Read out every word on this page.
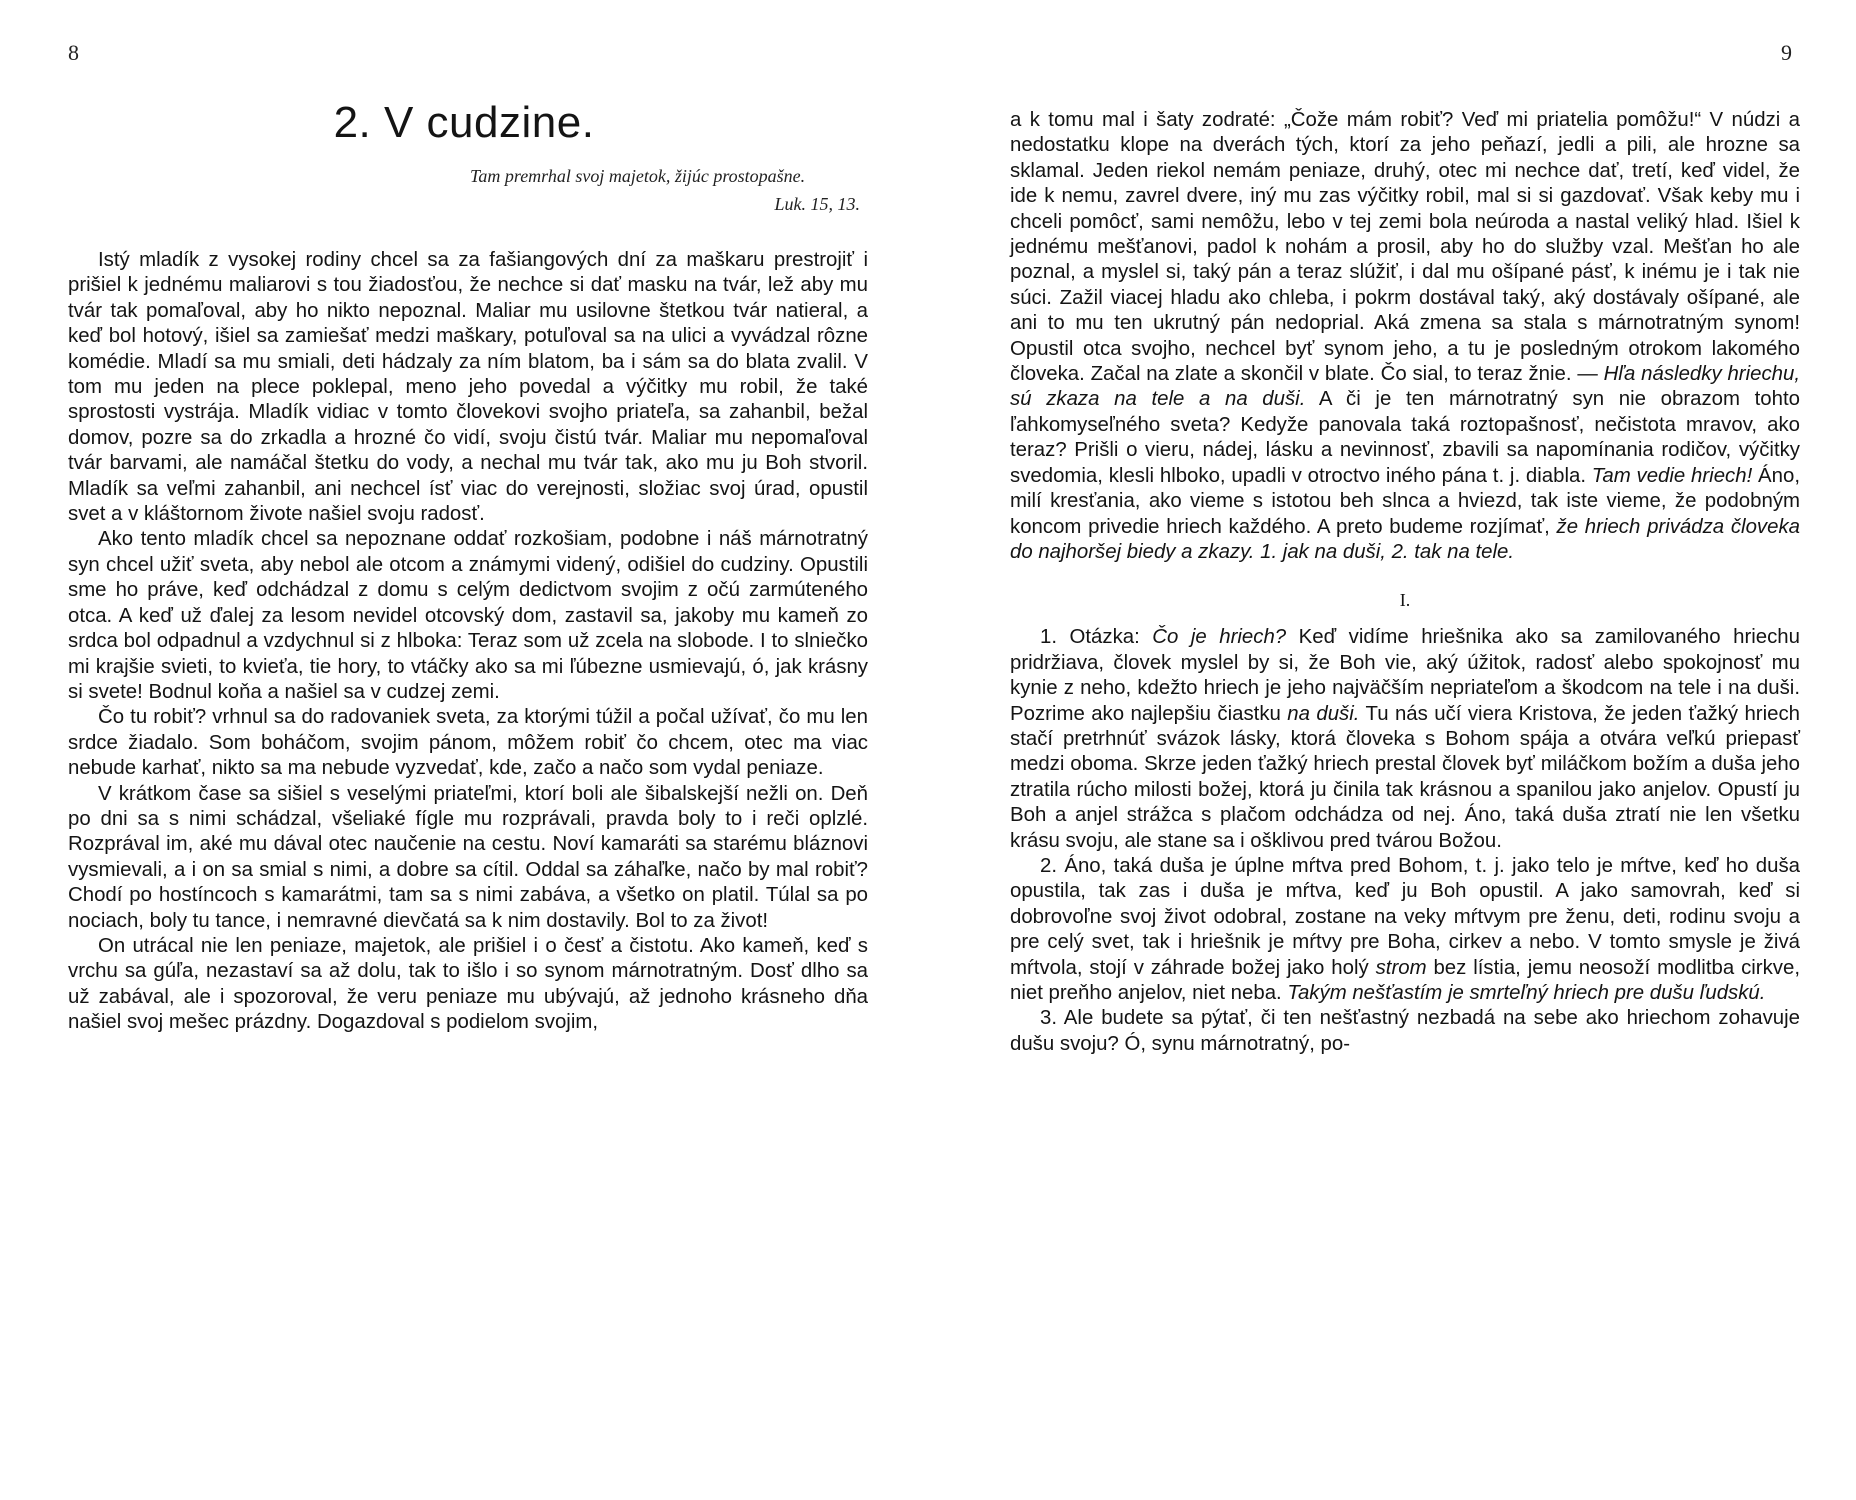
8
2. V cudzine.
Tam premrhal svoj majetok, žijúc prostopašne.
Luk. 15, 13.

Istý mladík z vysokej rodiny chcel sa za fašiangových dní za maškaru prestrojiť i prišiel k jednému maliarovi s tou žiadosťou, že nechce si dať masku na tvár, lež aby mu tvár tak pomaľoval, aby ho nikto nepoznal. Maliar mu usilovne štetkou tvár natieral, a keď bol hotový, išiel sa zamiešať medzi maškary, potuľoval sa na ulici a vyvádzal rôzne komédie. Mladí sa mu smiali, deti hádzaly za ním blatom, ba i sám sa do blata zvalil. V tom mu jeden na plece poklepal, meno jeho povedal a výčitky mu robil, že také sprostosti vystrája. Mladík vidiac v tomto človekovi svojho priateľa, sa zahanbil, bežal domov, pozre sa do zrkadla a hrozné čo vidí, svoju čistú tvár. Maliar mu nepomaľoval tvár barvami, ale namáčal štetku do vody, a nechal mu tvár tak, ako mu ju Boh stvoril. Mladík sa veľmi zahanbil, ani nechcel ísť viac do verejnosti, složiac svoj úrad, opustil svet a v kláštornom živote našiel svoju radosť.

Ako tento mladík chcel sa nepoznane oddať rozkošiam, podobne i náš márnotratný syn chcel užiť sveta, aby nebol ale otcom a známymi videný, odišiel do cudziny. Opustili sme ho práve, keď odchádzal z domu s celým dedictvom svojim z očú zarmúteného otca. A keď už ďalej za lesom nevidel otcovský dom, zastavil sa, jakoby mu kameň zo srdca bol odpadnul a vzdychnul si z hlboka: Teraz som už zcela na slobode. I to slniečko mi krajšie svieti, to kvieťa, tie hory, to vtáčky ako sa mi ľúbezne usmievajú, ó, jak krásny si svete! Bodnul koňa a našiel sa v cudzej zemi.

Čo tu robiť? vrhnul sa do radovaniek sveta, za ktorými túžil a počal užívať, čo mu len srdce žiadalo. Som boháčom, svojim pánom, môžem robiť čo chcem, otec ma viac nebude karhať, nikto sa ma nebude vyzvedať, kde, začo a načo som vydal peniaze.

V krátkom čase sa sišiel s veselými priateľmi, ktorí boli ale šibalskejší nežli on. Deň po dni sa s nimi schádzal, všeliaké fígle mu rozprávali, pravda boly to i reči oplzlé. Rozprával im, aké mu dával otec naučenie na cestu. Noví kamaráti sa starému bláznovi vysmievali, a i on sa smial s nimi, a dobre sa cítil. Oddal sa záhaľke, načo by mal robiť? Chodí po hostíncoch s kamarátmi, tam sa s nimi zabáva, a všetko on platil. Túlal sa po nociach, boly tu tance, i nemravné dievčatá sa k nim dostavily. Bol to za život!

On utrácal nie len peniaze, majetok, ale prišiel i o česť a čistotu. Ako kameň, keď s vrchu sa gúľa, nezastaví sa až dolu, tak to išlo i so synom márnotratným. Dosť dlho sa už zabával, ale i spozoroval, že veru peniaze mu ubývajú, až jednoho krásneho dňa našiel svoj mešec prázdny. Dogazdoval s podielom svojim,

9

a k tomu mal i šaty zodraté: „Čože mám robiť? Veď mi priatelia pomôžu!“ V núdzi a nedostatku klope na dverách tých, ktorí za jeho peňazí, jedli a pili, ale hrozne sa sklamal. Jeden riekol nemám peniaze, druhý, otec mi nechce dať, tretí, keď videl, že ide k nemu, zavrel dvere, iný mu zas výčitky robil, mal si si gazdovať. Však keby mu i chceli pomôcť, sami nemôžu, lebo v tej zemi bola neúroda a nastal veliký hlad. Išiel k jednému mešťanovi, padol k nohám a prosil, aby ho do služby vzal. Mešťan ho ale poznal, a myslel si, taký pán a teraz slúžiť, i dal mu ošípané pásť, k inému je i tak nie súci. Zažil viacej hladu ako chleba, i pokrm dostával taký, aký dostávaly ošípané, ale ani to mu ten ukrutný pán nedoprial. Aká zmena sa stala s márnotratným synom! Opustil otca svojho, nechcel byť synom jeho, a tu je posledným otrokom lakomého človeka. Začal na zlate a skončil v blate. Čo sial, to teraz žnie. — Hľa následky hriechu, sú zkaza na tele a na duši. A či je ten márnotratný syn nie obrazom tohto ľahkomyseľného sveta? Kedyže panovala taká roztopašnosť, nečistota mravov, ako teraz? Prišli o vieru, nádej, lásku a nevinnosť, zbavili sa napomínania rodičov, výčitky svedomia, klesli hlboko, upadli v otroctvo iného pána t. j. diabla. Tam vedie hriech! Áno, milí kresťania, ako vieme s istotou beh slnca a hviezd, tak iste vieme, že podobným koncom privedie hriech každého. A preto budeme rozjímať, že hriech privádza človeka do najhoršej biedy a zkazy. 1. jak na duši, 2. tak na tele.

I.

1. Otázka: Čo je hriech? Keď vidíme hriešnika ako sa zamilovaného hriechu pridržiava, človek myslel by si, že Boh vie, aký úžitok, radosť alebo spokojnosť mu kynie z neho, kdežto hriech je jeho najväčším nepriateľom a škodcom na tele i na duši. Pozrime ako najlepšiu čiastku na duši. Tu nás učí viera Kristova, že jeden ťažký hriech stačí pretrhnúť svázok lásky, ktorá človeka s Bohom spája a otvára veľkú priepasť medzi oboma. Skrze jeden ťažký hriech prestal človek byť miláčkom božím a duša jeho ztratila rúcho milosti božej, ktorá ju činila tak krásnou a spanilou jako anjelov. Opustí ju Boh a anjel strážca s plačom odchádza od nej. Áno, taká duša ztratí nie len všetku krásu svoju, ale stane sa i ošklivou pred tvárou Božou.

2. Áno, taká duša je úplne mŕtva pred Bohom, t. j. jako telo je mŕtve, keď ho duša opustila, tak zas i duša je mŕtva, keď ju Boh opustil. A jako samovrah, keď si dobrovoľne svoj život odobral, zostane na veky mŕtvym pre ženu, deti, rodinu svoju a pre celý svet, tak i hriešnik je mŕtvy pre Boha, cirkev a nebo. V tomto smysle je živá mŕtvola, stojí v záhrade božej jako holý strom bez lístia, jemu neosoží modlitba cirkve, niet preňho anjelov, niet neba. Takým nešťastím je smrteľný hriech pre dušu ľudskú.

3. Ale budete sa pýtať, či ten nešťastný nezbadá na sebe ako hriechom zohavuje dušu svoju? Ó, synu márnotratný, po-
